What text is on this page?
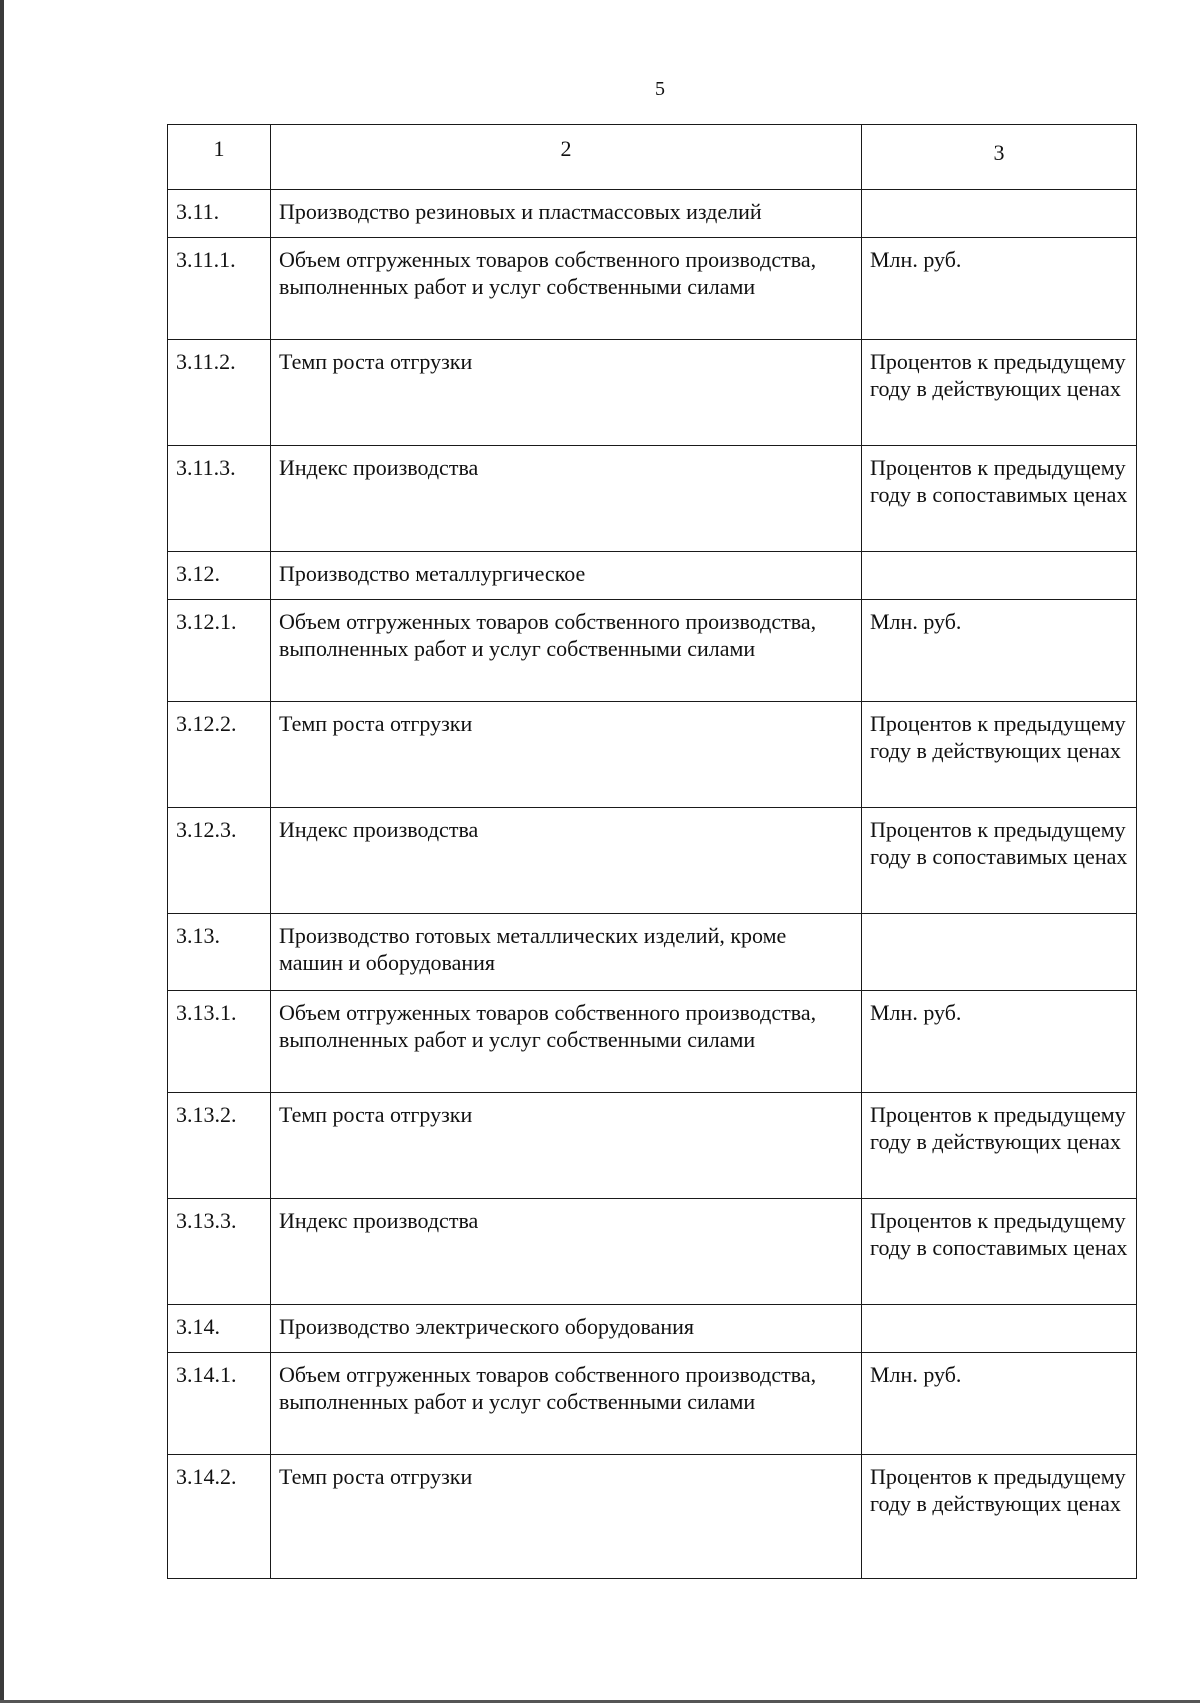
5
1	2	3
3.11.	Производство резиновых и пластмассовых изделий	
3.11.1.	Объем отгруженных товаров собственного производства, выполненных работ и услуг собственными силами	Млн. руб.
3.11.2.	Темп роста отгрузки	Процентов к предыдущему году в действующих ценах
3.11.3.	Индекс производства	Процентов к предыдущему году в сопоставимых ценах
3.12.	Производство металлургическое	
3.12.1.	Объем отгруженных товаров собственного производства, выполненных работ и услуг собственными силами	Млн. руб.
3.12.2.	Темп роста отгрузки	Процентов к предыдущему году в действующих ценах
3.12.3.	Индекс производства	Процентов к предыдущему году в сопоставимых ценах
3.13.	Производство готовых металлических изделий, кроме машин и оборудования	
3.13.1.	Объем отгруженных товаров собственного производства, выполненных работ и услуг собственными силами	Млн. руб.
3.13.2.	Темп роста отгрузки	Процентов к предыдущему году в действующих ценах
3.13.3.	Индекс производства	Процентов к предыдущему году в сопоставимых ценах
3.14.	Производство электрического оборудования	
3.14.1.	Объем отгруженных товаров собственного производства, выполненных работ и услуг собственными силами	Млн. руб.
3.14.2.	Темп роста отгрузки	Процентов к предыдущему году в действующих ценах
